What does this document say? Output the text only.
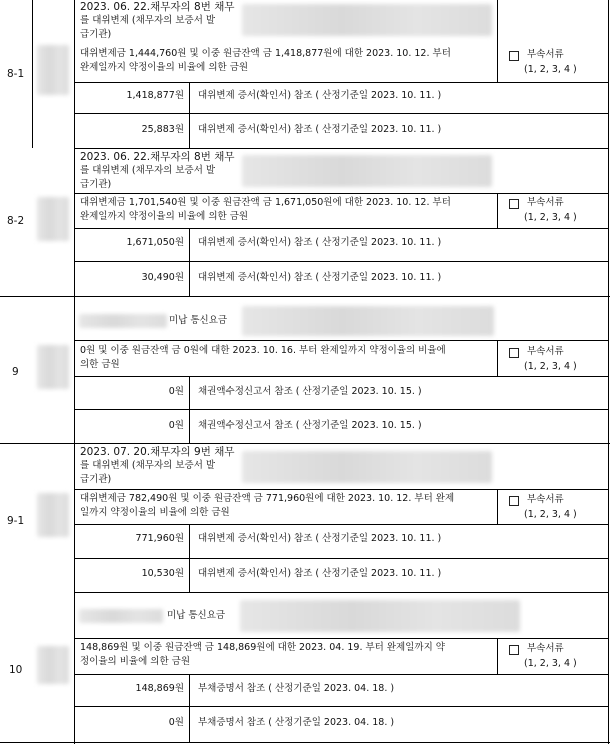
8-1
8-2
9
9-1
10
2023. 06. 22.채무자의 8번 채무
를 대위변제 (채무자의 보증서 발
급기관)
대위변제금 1,444,760원 및 이중 원금잔액 금 1,418,877원에 대한 2023. 10. 12. 부터
완제일까지 약정이율의 비율에 의한 금원
부속서류
(1, 2, 3, 4 )
1,418,877원 대위변제 증서(확인서) 참조 ( 산정기준일 2023. 10. 11. )
25,883원 대위변제 증서(확인서) 참조 ( 산정기준일 2023. 10. 11. )
2023. 06. 22.채무자의 8번 채무
를 대위변제 (채무자의 보증서 발
급기관)
대위변제금 1,701,540원 및 이중 원금잔액 금 1,671,050원에 대한 2023. 10. 12. 부터
완제일까지 약정이율의 비율에 의한 금원
부속서류
(1, 2, 3, 4 )
1,671,050원 대위변제 증서(확인서) 참조 ( 산정기준일 2023. 10. 11. )
30,490원 대위변제 증서(확인서) 참조 ( 산정기준일 2023. 10. 11. )
미납 통신요금
0원 및 이중 원금잔액 금 0원에 대한 2023. 10. 16. 부터 완제일까지 약정이율의 비율에
의한 금원
부속서류
(1, 2, 3, 4 )
0원 채권액수정신고서 참조 ( 산정기준일 2023. 10. 15. )
0원 채권액수정신고서 참조 ( 산정기준일 2023. 10. 15. )
2023. 07. 20.채무자의 9번 채무
를 대위변제 (채무자의 보증서 발
급기관)
대위변제금 782,490원 및 이중 원금잔액 금 771,960원에 대한 2023. 10. 12. 부터 완제
일까지 약정이율의 비율에 의한 금원
부속서류
(1, 2, 3, 4 )
771,960원 대위변제 증서(확인서) 참조 ( 산정기준일 2023. 10. 11. )
10,530원 대위변제 증서(확인서) 참조 ( 산정기준일 2023. 10. 11. )
미납 통신요금
148,869원 및 이중 원금잔액 금 148,869원에 대한 2023. 04. 19. 부터 완제일까지 약
정이율의 비율에 의한 금원
부속서류
(1, 2, 3, 4 )
148,869원 부채증명서 참조 ( 산정기준일 2023. 04. 18. )
0원 부채증명서 참조 ( 산정기준일 2023. 04. 18. )
